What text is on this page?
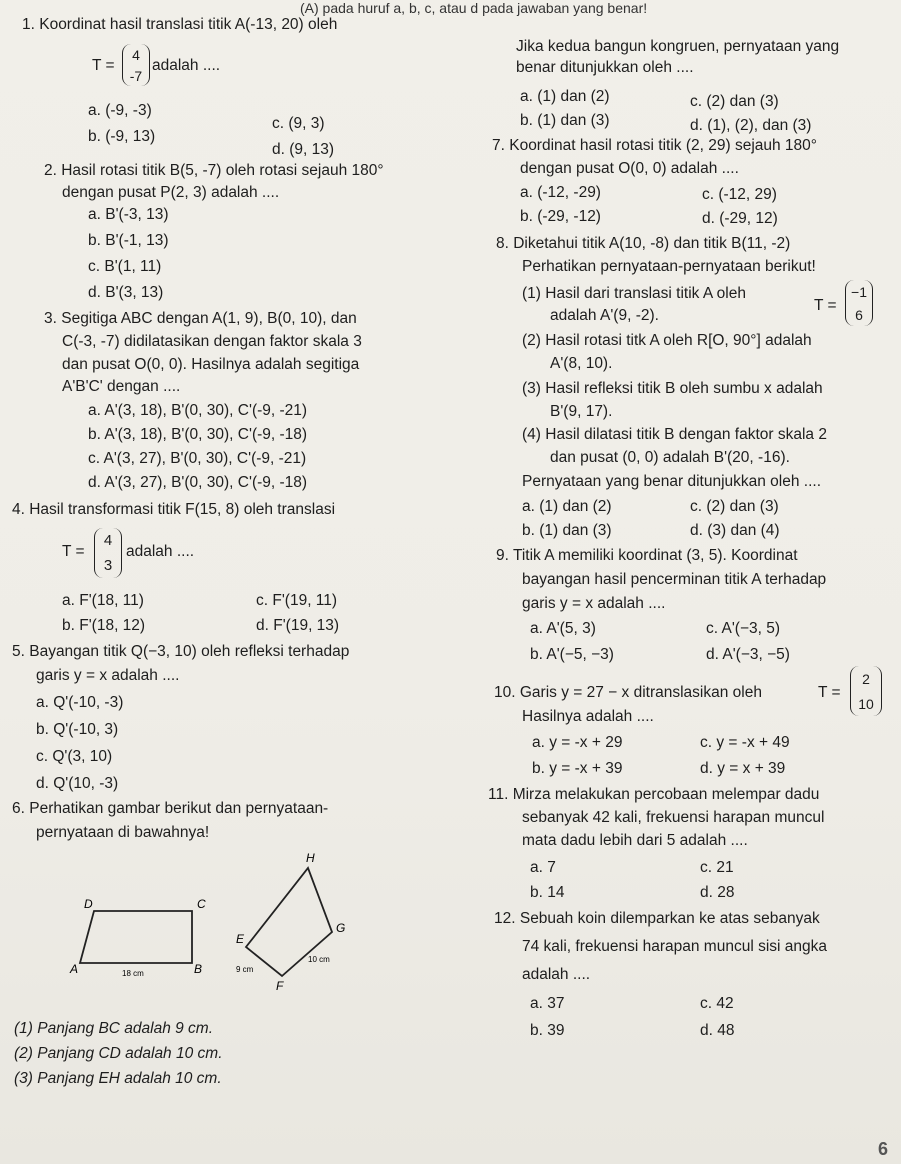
(A) pada huruf a, b, c, atau d pada jawaban yang benar!
1. Koordinat hasil translasi titik A(-13, 20) oleh
T =
4
-7
adalah ....
a. (-9, -3)
b. (-9, 13)
c. (9, 3)
d. (9, 13)
2. Hasil rotasi titik B(5, -7) oleh rotasi sejauh 180°
dengan pusat P(2, 3) adalah ....
a. B'(-3, 13)
b. B'(-1, 13)
c. B'(1, 11)
d. B'(3, 13)
3. Segitiga ABC dengan A(1, 9), B(0, 10), dan
C(-3, -7) didilatasikan dengan faktor skala 3
dan pusat O(0, 0). Hasilnya adalah segitiga
A'B'C' dengan ....
a. A'(3, 18), B'(0, 30), C'(-9, -21)
b. A'(3, 18), B'(0, 30), C'(-9, -18)
c. A'(3, 27), B'(0, 30), C'(-9, -21)
d. A'(3, 27), B'(0, 30), C'(-9, -18)
4. Hasil transformasi titik F(15, 8) oleh translasi
T =
4
3
adalah ....
a. F'(18, 11)
b. F'(18, 12)
c. F'(19, 11)
d. F'(19, 13)
5. Bayangan titik Q(−3, 10) oleh refleksi terhadap
garis y = x adalah ....
a. Q'(-10, -3)
b. Q'(-10, 3)
c. Q'(3, 10)
d. Q'(10, -3)
6. Perhatikan gambar berikut dan pernyataan-
pernyataan di bawahnya!
D	C
A	B
18 cm
H
E
G
F
9 cm
10 cm
(1) Panjang BC adalah 9 cm.
(2) Panjang CD adalah 10 cm.
(3) Panjang EH adalah 10 cm.
Jika kedua bangun kongruen, pernyataan yang
benar ditunjukkan oleh ....
a. (1) dan (2)
b. (1) dan (3)
c. (2) dan (3)
d. (1), (2), dan (3)
7. Koordinat hasil rotasi titik (2, 29) sejauh 180°
dengan pusat O(0, 0) adalah ....
a. (-12, -29)
b. (-29, -12)
c. (-12, 29)
d. (-29, 12)
8. Diketahui titik A(10, -8) dan titik B(11, -2)
Perhatikan pernyataan-pernyataan berikut!
(1) Hasil dari translasi titik A oleh
T =
−1
6
adalah A'(9, -2).
(2) Hasil rotasi titk A oleh R[O, 90°] adalah
A'(8, 10).
(3) Hasil refleksi titik B oleh sumbu x adalah
B'(9, 17).
(4) Hasil dilatasi titik B dengan faktor skala 2
dan pusat (0, 0) adalah B'(20, -16).
Pernyataan yang benar ditunjukkan oleh ....
a. (1) dan (2)
b. (1) dan (3)
c. (2) dan (3)
d. (3) dan (4)
9. Titik A memiliki koordinat (3, 5). Koordinat
bayangan hasil pencerminan titik A terhadap
garis y = x adalah ....
a. A'(5, 3)
b. A'(−5, −3)
c. A'(−3, 5)
d. A'(−3, −5)
10. Garis y = 27 − x ditranslasikan oleh	T =
2
10
Hasilnya adalah ....
a. y = -x + 29
b. y = -x + 39
c. y = -x + 49
d. y = x + 39
11. Mirza melakukan percobaan melempar dadu
sebanyak 42 kali, frekuensi harapan muncul
mata dadu lebih dari 5 adalah ....
a. 7
b. 14
c. 21
d. 28
12. Sebuah koin dilemparkan ke atas sebanyak
74 kali, frekuensi harapan muncul sisi angka
adalah ....
a. 37
b. 39
c. 42
d. 48
6
